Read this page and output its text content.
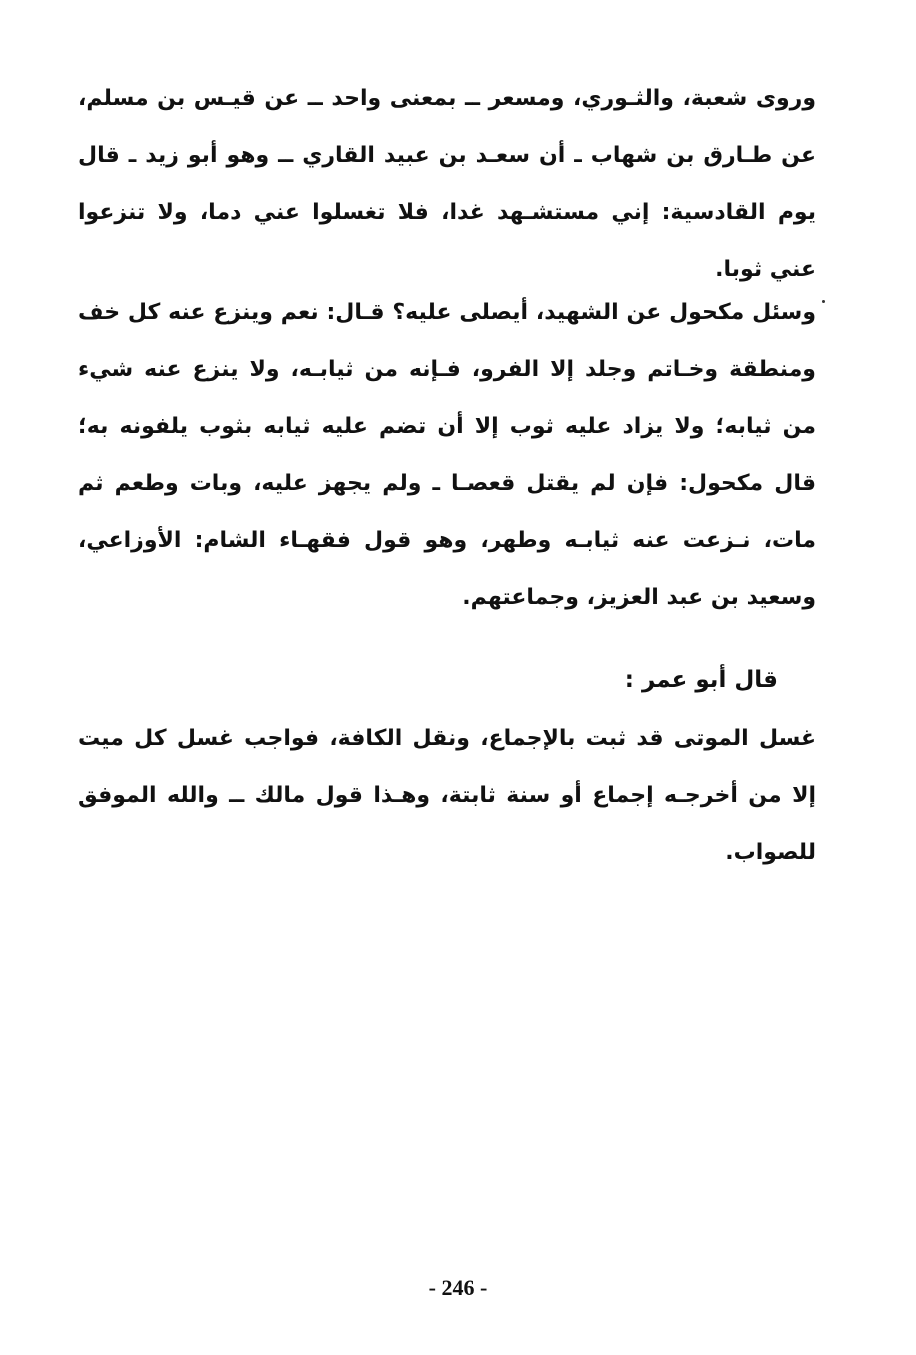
وروى شعبة، والثـوري، ومسعر ــ بمعنى واحد ــ عن قيـس بن مسلم، عن طـارق بن شهاب ـ أن سعـد بن عبيد القاري ــ وهو أبو زيد ـ قال يوم القادسية: إني مستشـهد غدا، فلا تغسلوا عني دما، ولا تنزعوا عني ثوبا.

وسئل مكحول عن الشهيد، أيصلى عليه؟ قـال: نعم وينزع عنه كل خف ومنطقة وخـاتم وجلد إلا الفرو، فـإنه من ثيابـه، ولا ينزع عنه شيء من ثيابه؛ ولا يزاد عليه ثوب إلا أن تضم عليه ثيابه بثوب يلفونه به؛ قال مكحول: فإن لم يقتل قعصـا ـ ولم يجهز عليه، وبات وطعم ثم مات، نـزعت عنه ثيابـه وطهر، وهو قول فقهـاء الشام: الأوزاعي، وسعيد بن عبد العزيز، وجماعتهم.

قال أبو عمر :

غسل الموتى قد ثبت بالإجماع، ونقل الكافة، فواجب غسل كل ميت إلا من أخرجـه إجماع أو سنة ثابتة، وهـذا قول مالك ــ والله الموفق للصواب.

- 246 -
